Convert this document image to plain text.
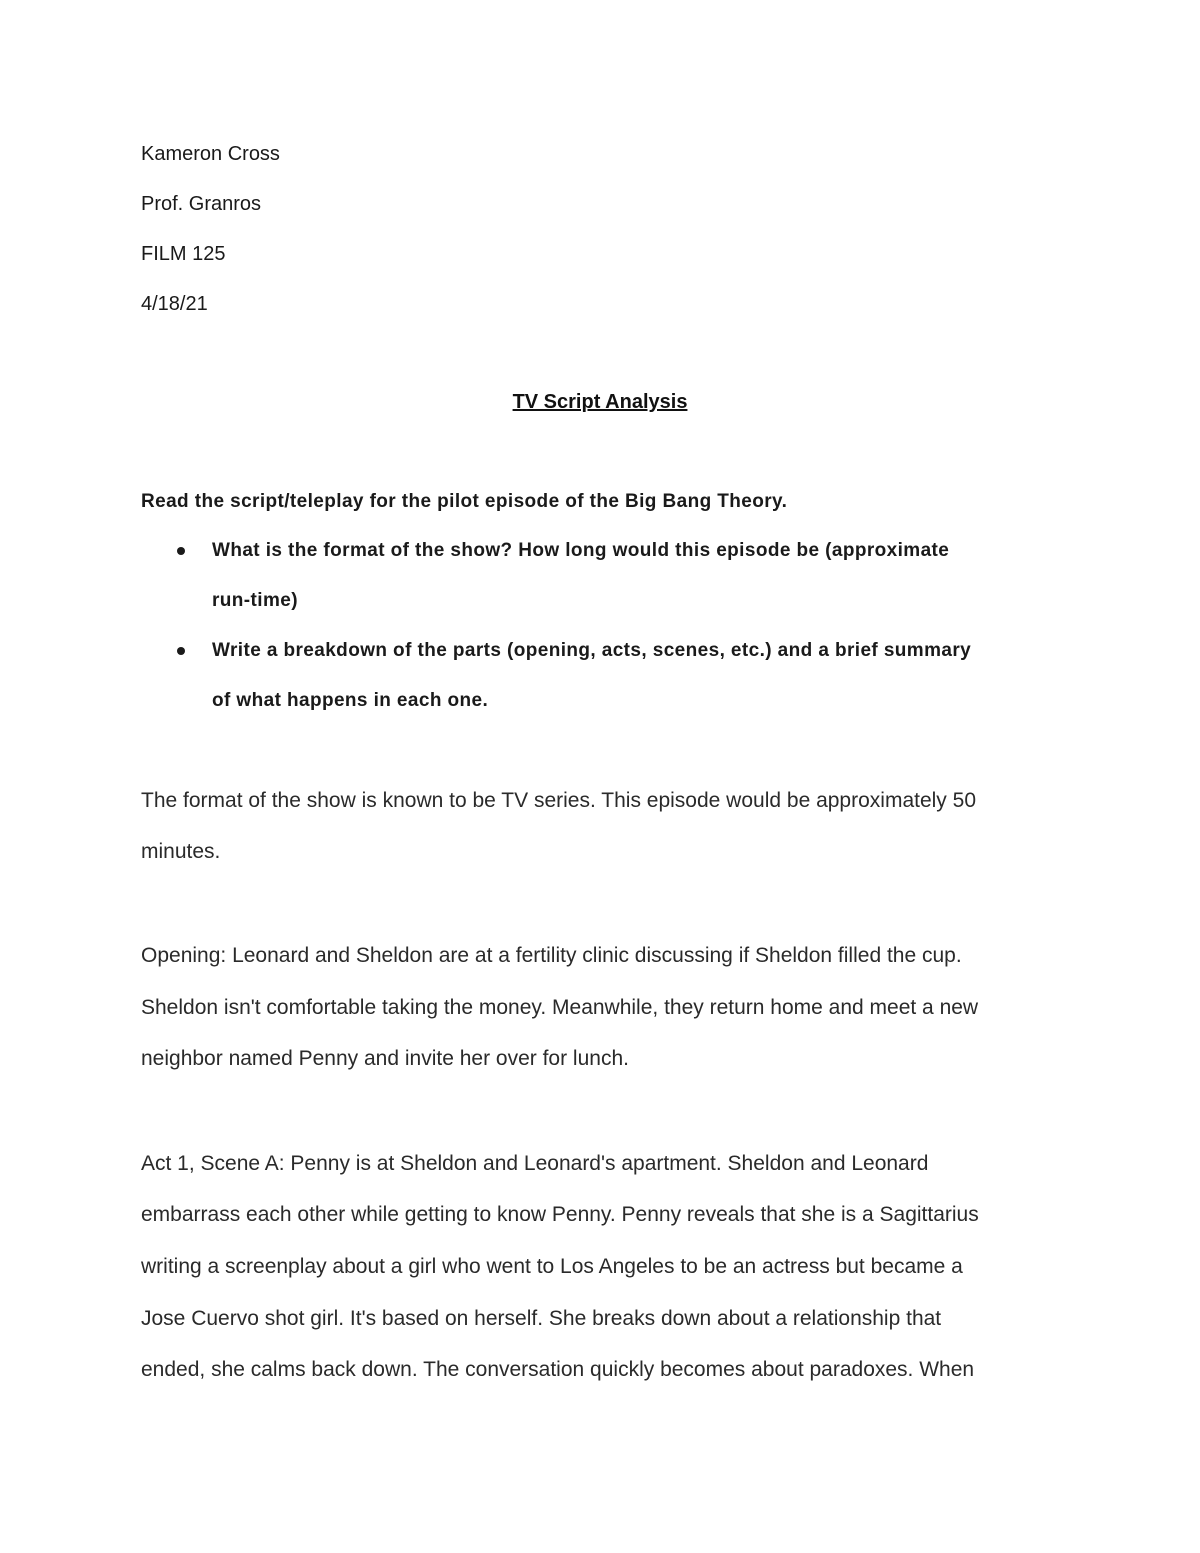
Kameron Cross
Prof. Granros
FILM 125
4/18/21
TV Script Analysis
Read the script/teleplay for the pilot episode of the Big Bang Theory.
What is the format of the show? How long would this episode be (approximate
run-time)
Write a breakdown of the parts (opening, acts, scenes, etc.) and a brief summary
of what happens in each one.
The format of the show is known to be TV series. This episode would be approximately 50
minutes.
Opening: Leonard and Sheldon are at a fertility clinic discussing if Sheldon filled the cup.
Sheldon isn't comfortable taking the money. Meanwhile, they return home and meet a new
neighbor named Penny and invite her over for lunch.
Act 1, Scene A: Penny is at Sheldon and Leonard's apartment. Sheldon and Leonard
embarrass each other while getting to know Penny. Penny reveals that she is a Sagittarius
writing a screenplay about a girl who went to Los Angeles to be an actress but became a
Jose Cuervo shot girl. It's based on herself. She breaks down about a relationship that
ended, she calms back down. The conversation quickly becomes about paradoxes. When
